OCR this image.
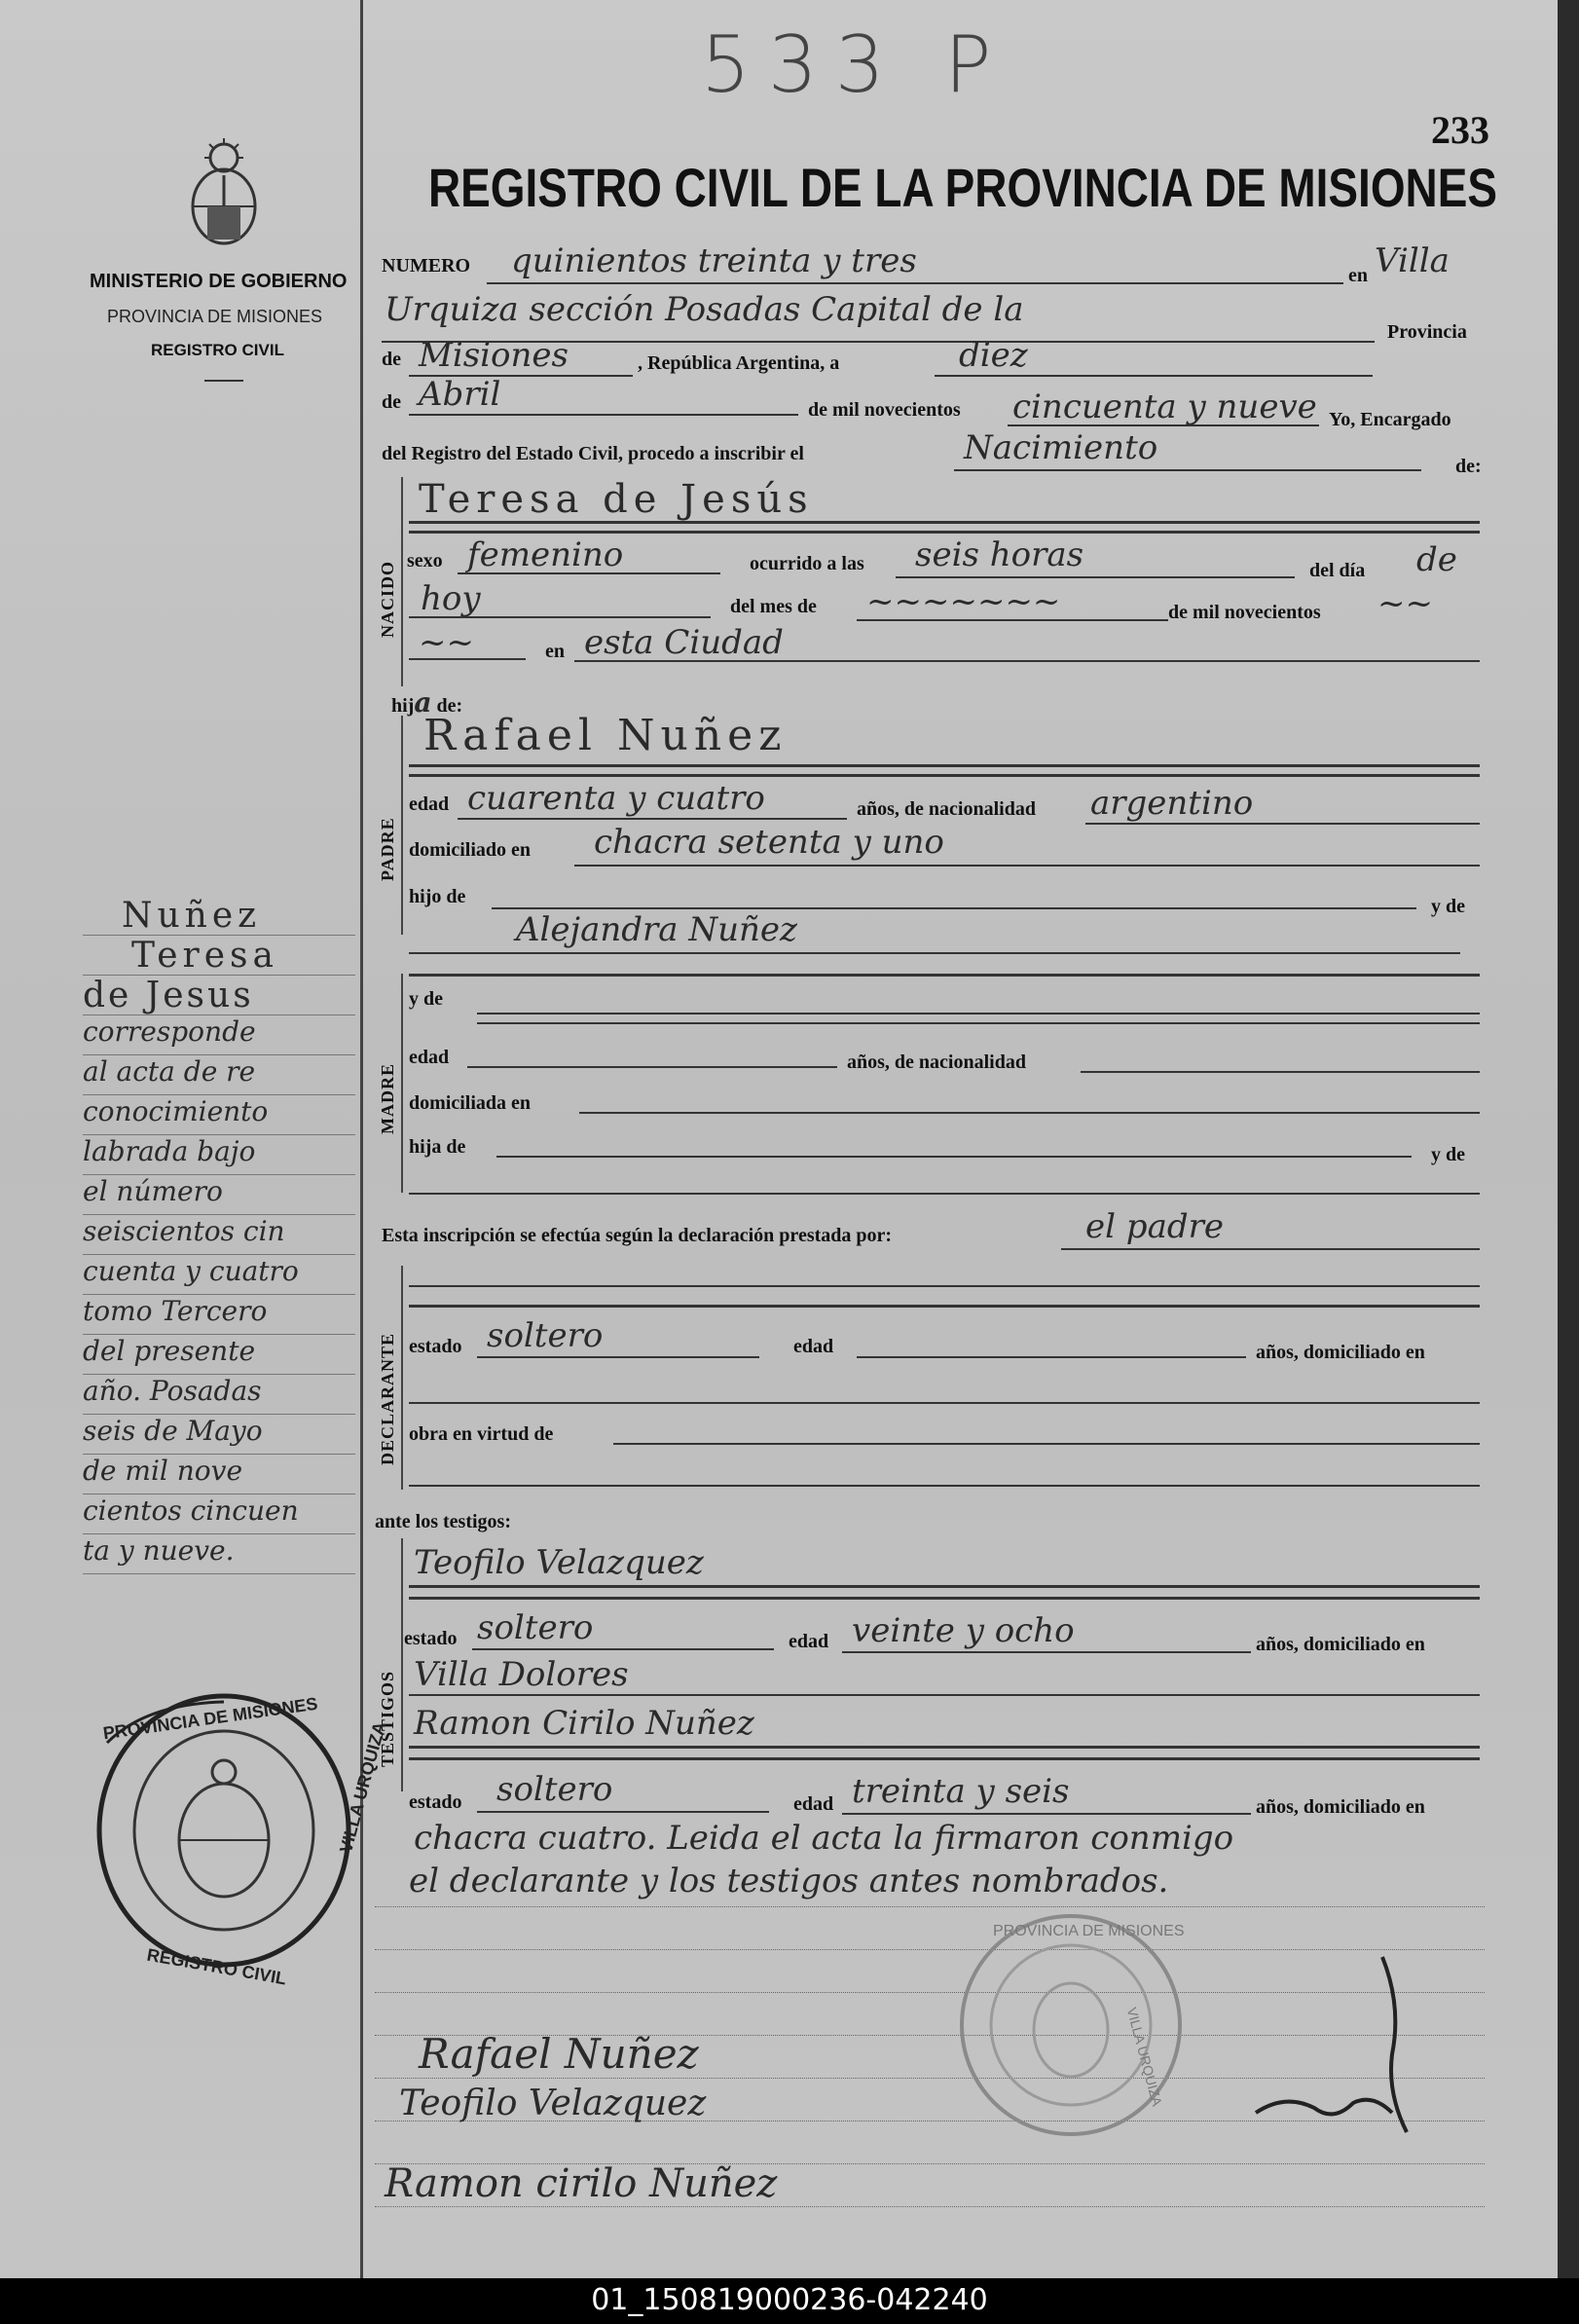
533 P
233
REGISTRO CIVIL DE LA PROVINCIA DE MISIONES
MINISTERIO DE GOBIERNO
PROVINCIA DE MISIONES
REGISTRO CIVIL
NUMERO quinientos treinta y tres	en Villa
Urquiza sección Posadas Capital de la
Provincia
de Misiones	, República Argentina, a	diez
de Abril	de mil novecientos cincuenta y nueve Yo, Encargado
del Registro del Estado Civil, procedo a inscribir el	Nacimiento	de:
NACIDO
Teresa de Jesús
sexo femenino	ocurrido a las seis horas	del día de
hoy	del mes de ~~~~~~~	de mil novecientos ~~
~~	en esta Ciudad
hija de:
PADRE
Rafael Nuñez
edad cuarenta y cuatro	años, de nacionalidad argentino
domiciliado en chacra setenta y uno
hijo de	y de
Alejandra Nuñez
MADRE
y de
edad	años, de nacionalidad
domiciliada en
hija de	y de
Esta inscripción se efectúa según la declaración prestada por:	el padre
DECLARANTE estado soltero	edad	años, domiciliado en
obra en virtud de
ante los testigos:
TESTIGOS
Teofilo Velazquez
estado soltero	edad veinte y ocho	años, domiciliado en
Villa Dolores
Ramon Cirilo Nuñez
estado soltero	edad treinta y seis	años, domiciliado en
chacra cuatro. Leida el acta la firmaron conmigo
el declarante y los testigos antes nombrados.
Rafael Nuñez
Teofilo Velazquez
Ramon cirilo Nuñez
PROVINCIA DE MISIONES
VILLA URQUIZA
Nuñez
Teresa
de Jesus
corresponde
al acta de re
conocimiento
labrada bajo
el número
seiscientos cin
cuenta y cuatro
tomo Tercero
del presente
año. Posadas
seis de Mayo
de mil nove
cientos cincuen
ta y nueve.
PROVINCIA DE MISIONES
REGISTRO CIVIL
VILLA URQUIZA
01_150819000236-042240
